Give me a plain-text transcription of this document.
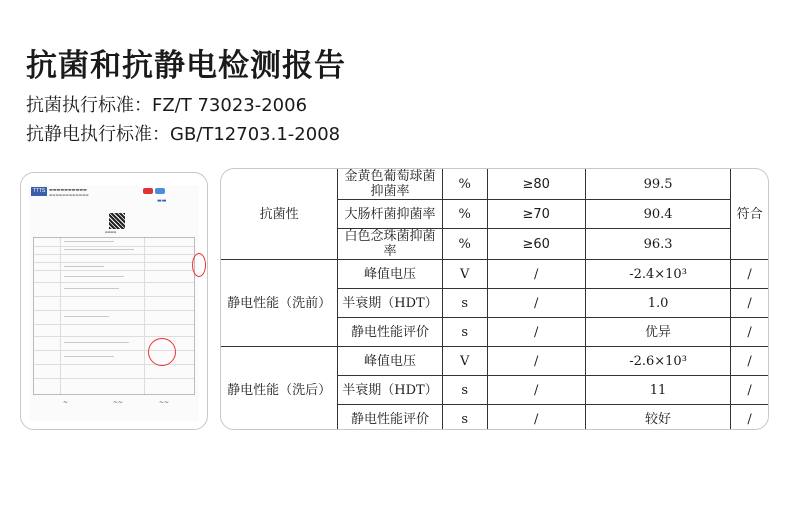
抗菌和抗静电检测报告
抗菌执行标准：FZ/T 73023-2006
抗静电执行标准：GB/T12703.1-2008
TTTS ▬▬▬▬▬▬▬▬▬▬
▬▬▬▬▬▬▬▬▬▬▬▬
▬▬
▬▬▬▬
~	~~	~~
抗菌性	金黄色葡萄球菌抑菌率	%	≥80	99.5	符合
	大肠杆菌抑菌率	%	≥70	90.4	
	白色念珠菌抑菌率	%	≥60	96.3	
静电性能（洗前）	峰值电压	V	/	-2.4×10³	/
	半衰期（HDT）	s	/	1.0	/
	静电性能评价	s	/	优异	/
静电性能（洗后）	峰值电压	V	/	-2.6×10³	/
	半衰期（HDT）	s	/	11	/
	静电性能评价	s	/	较好	/
